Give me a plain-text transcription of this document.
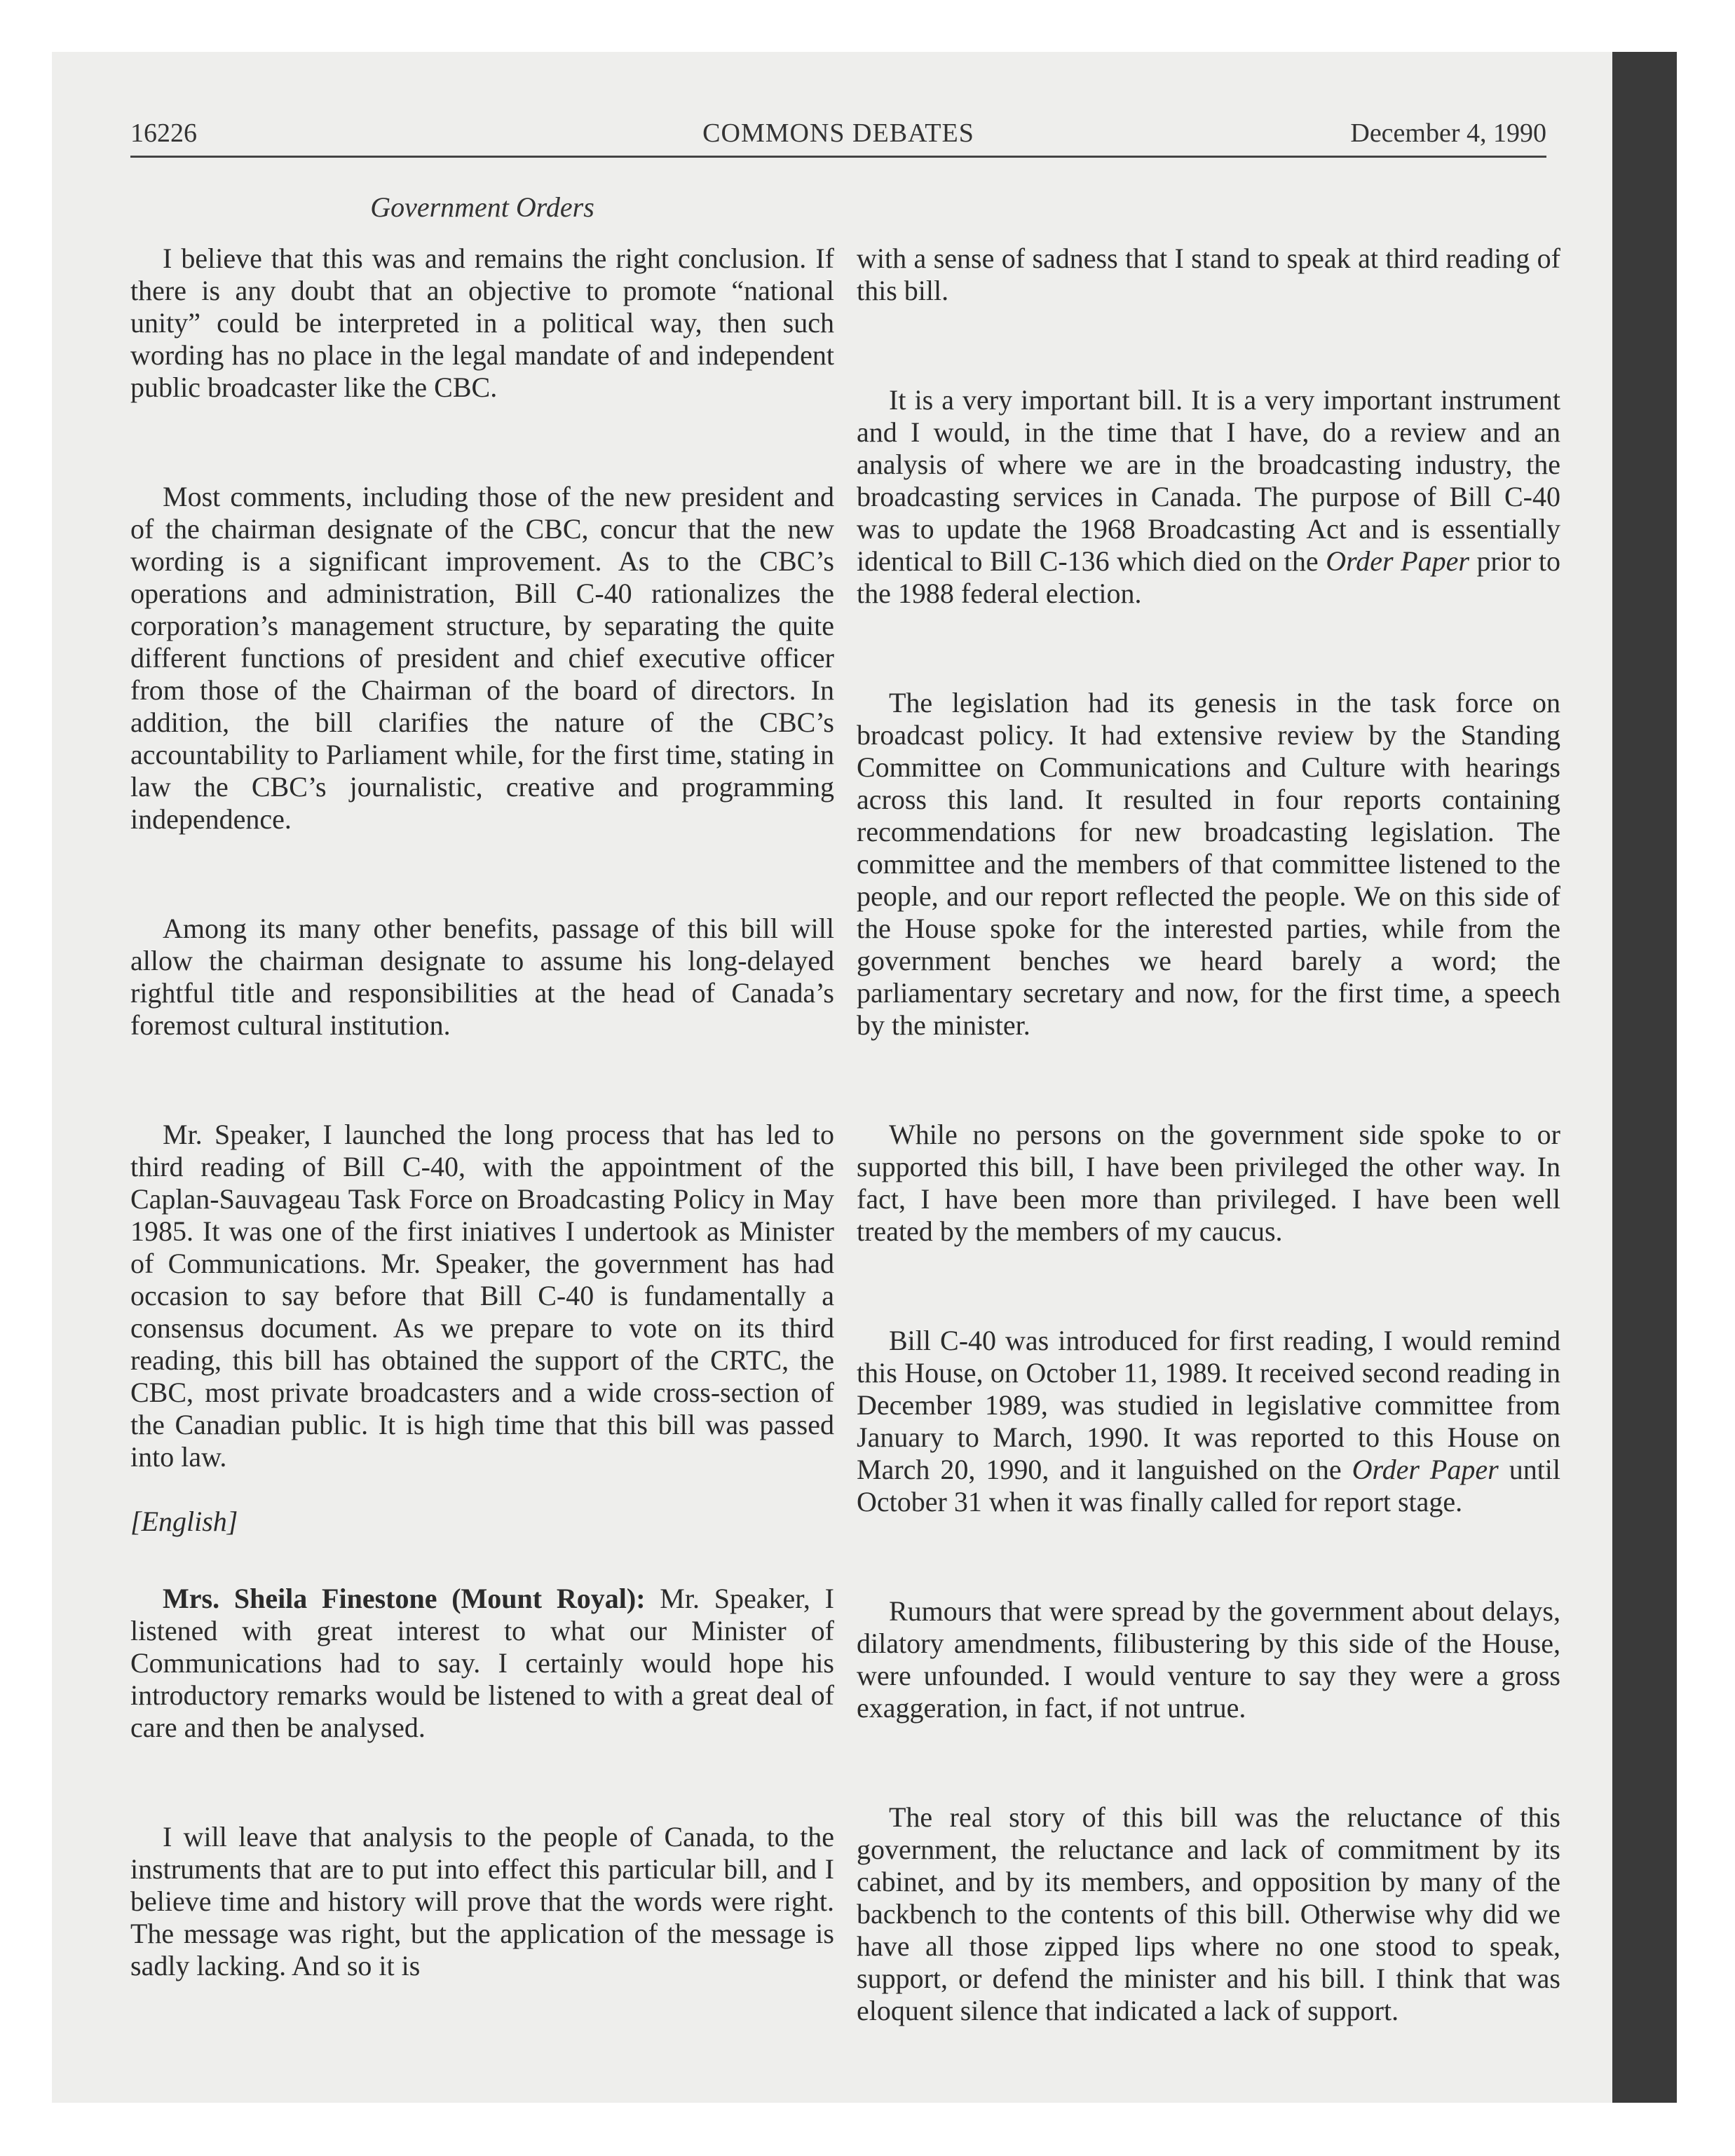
16226	COMMONS DEBATES	December 4, 1990
Government Orders

I believe that this was and remains the right conclusion. If there is any doubt that an objective to promote “national unity” could be interpreted in a political way, then such wording has no place in the legal mandate of and independent public broadcaster like the CBC.

Most comments, including those of the new president and of the chairman designate of the CBC, concur that the new wording is a significant improvement. As to the CBC’s operations and administration, Bill C-40 rationalizes the corporation’s management structure, by separating the quite different functions of president and chief executive officer from those of the Chairman of the board of directors. In addition, the bill clarifies the nature of the CBC’s accountability to Parliament while, for the first time, stating in law the CBC’s journalistic, creative and programming independence.

Among its many other benefits, passage of this bill will allow the chairman designate to assume his long-delayed rightful title and responsibilities at the head of Canada’s foremost cultural institution.

Mr. Speaker, I launched the long process that has led to third reading of Bill C-40, with the appointment of the Caplan-Sauvageau Task Force on Broadcasting Policy in May 1985. It was one of the first iniatives I undertook as Minister of Communications. Mr. Speaker, the government has had occasion to say before that Bill C-40 is fundamentally a consensus document. As we prepare to vote on its third reading, this bill has obtained the support of the CRTC, the CBC, most private broadcasters and a wide cross-section of the Canadian public. It is high time that this bill was passed into law.

[English]

Mrs. Sheila Finestone (Mount Royal): Mr. Speaker, I listened with great interest to what our Minister of Communications had to say. I certainly would hope his introductory remarks would be listened to with a great deal of care and then be analysed.

I will leave that analysis to the people of Canada, to the instruments that are to put into effect this particular bill, and I believe time and history will prove that the words were right. The message was right, but the application of the message is sadly lacking. And so it is

with a sense of sadness that I stand to speak at third reading of this bill.

It is a very important bill. It is a very important instrument and I would, in the time that I have, do a review and an analysis of where we are in the broadcasting industry, the broadcasting services in Canada. The purpose of Bill C-40 was to update the 1968 Broadcasting Act and is essentially identical to Bill C-136 which died on the Order Paper prior to the 1988 federal election.

The legislation had its genesis in the task force on broadcast policy. It had extensive review by the Standing Committee on Communications and Culture with hearings across this land. It resulted in four reports containing recommendations for new broadcasting legislation. The committee and the members of that committee listened to the people, and our report reflected the people. We on this side of the House spoke for the interested parties, while from the government benches we heard barely a word; the parliamentary secretary and now, for the first time, a speech by the minister.

While no persons on the government side spoke to or supported this bill, I have been privileged the other way. In fact, I have been more than privileged. I have been well treated by the members of my caucus.

Bill C-40 was introduced for first reading, I would remind this House, on October 11, 1989. It received second reading in December 1989, was studied in legislative committee from January to March, 1990. It was reported to this House on March 20, 1990, and it languished on the Order Paper until October 31 when it was finally called for report stage.

Rumours that were spread by the government about delays, dilatory amendments, filibustering by this side of the House, were unfounded. I would venture to say they were a gross exaggeration, in fact, if not untrue.

The real story of this bill was the reluctance of this government, the reluctance and lack of commitment by its cabinet, and by its members, and opposition by many of the backbench to the contents of this bill. Otherwise why did we have all those zipped lips where no one stood to speak, support, or defend the minister and his bill. I think that was eloquent silence that indicated a lack of support.
